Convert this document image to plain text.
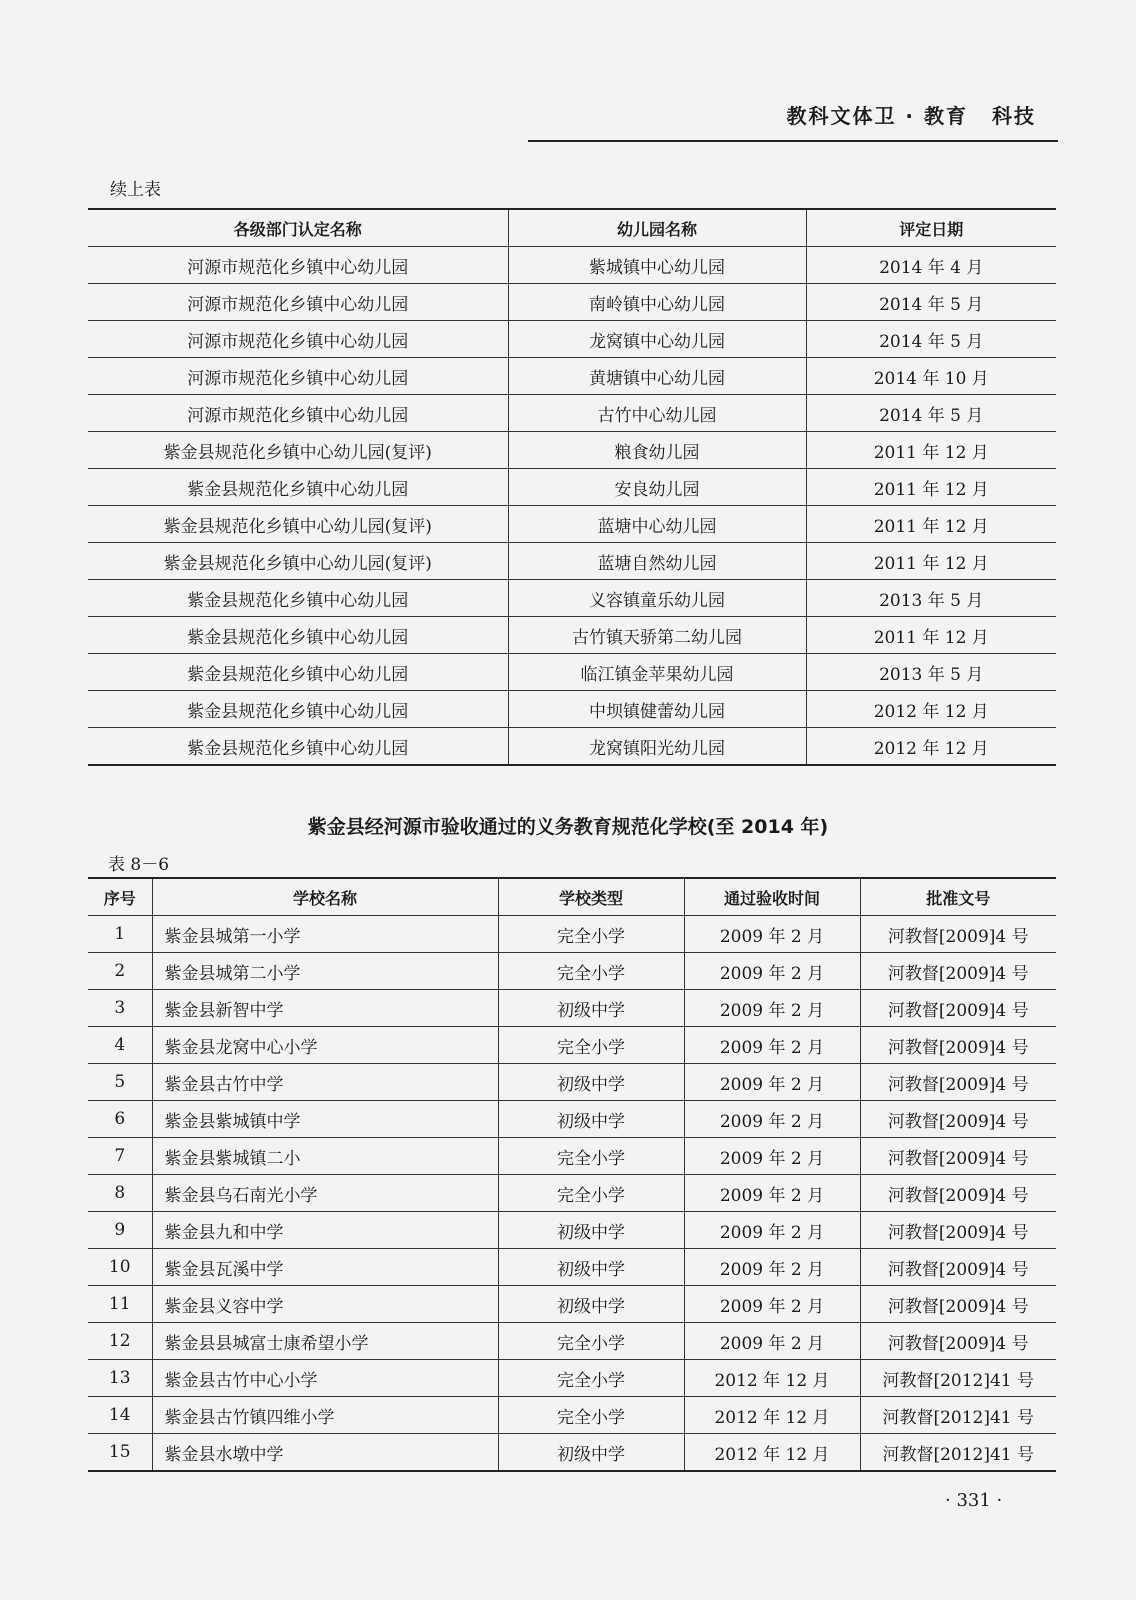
教科文体卫 · 教育 科技
续上表
各级部门认定名称	幼儿园名称	评定日期
河源市规范化乡镇中心幼儿园	紫城镇中心幼儿园	2014 年 4 月
河源市规范化乡镇中心幼儿园	南岭镇中心幼儿园	2014 年 5 月
河源市规范化乡镇中心幼儿园	龙窝镇中心幼儿园	2014 年 5 月
河源市规范化乡镇中心幼儿园	黄塘镇中心幼儿园	2014 年 10 月
河源市规范化乡镇中心幼儿园	古竹中心幼儿园	2014 年 5 月
紫金县规范化乡镇中心幼儿园(复评)	粮食幼儿园	2011 年 12 月
紫金县规范化乡镇中心幼儿园	安良幼儿园	2011 年 12 月
紫金县规范化乡镇中心幼儿园(复评)	蓝塘中心幼儿园	2011 年 12 月
紫金县规范化乡镇中心幼儿园(复评)	蓝塘自然幼儿园	2011 年 12 月
紫金县规范化乡镇中心幼儿园	义容镇童乐幼儿园	2013 年 5 月
紫金县规范化乡镇中心幼儿园	古竹镇天骄第二幼儿园	2011 年 12 月
紫金县规范化乡镇中心幼儿园	临江镇金苹果幼儿园	2013 年 5 月
紫金县规范化乡镇中心幼儿园	中坝镇健蕾幼儿园	2012 年 12 月
紫金县规范化乡镇中心幼儿园	龙窝镇阳光幼儿园	2012 年 12 月
紫金县经河源市验收通过的义务教育规范化学校(至 2014 年)
表 8－6
序号	学校名称	学校类型	通过验收时间	批准文号
1	紫金县城第一小学	完全小学	2009 年 2 月	河教督[2009]4 号
2	紫金县城第二小学	完全小学	2009 年 2 月	河教督[2009]4 号
3	紫金县新智中学	初级中学	2009 年 2 月	河教督[2009]4 号
4	紫金县龙窝中心小学	完全小学	2009 年 2 月	河教督[2009]4 号
5	紫金县古竹中学	初级中学	2009 年 2 月	河教督[2009]4 号
6	紫金县紫城镇中学	初级中学	2009 年 2 月	河教督[2009]4 号
7	紫金县紫城镇二小	完全小学	2009 年 2 月	河教督[2009]4 号
8	紫金县乌石南光小学	完全小学	2009 年 2 月	河教督[2009]4 号
9	紫金县九和中学	初级中学	2009 年 2 月	河教督[2009]4 号
10	紫金县瓦溪中学	初级中学	2009 年 2 月	河教督[2009]4 号
11	紫金县义容中学	初级中学	2009 年 2 月	河教督[2009]4 号
12	紫金县县城富士康希望小学	完全小学	2009 年 2 月	河教督[2009]4 号
13	紫金县古竹中心小学	完全小学	2012 年 12 月	河教督[2012]41 号
14	紫金县古竹镇四维小学	完全小学	2012 年 12 月	河教督[2012]41 号
15	紫金县水墩中学	初级中学	2012 年 12 月	河教督[2012]41 号
· 331 ·
